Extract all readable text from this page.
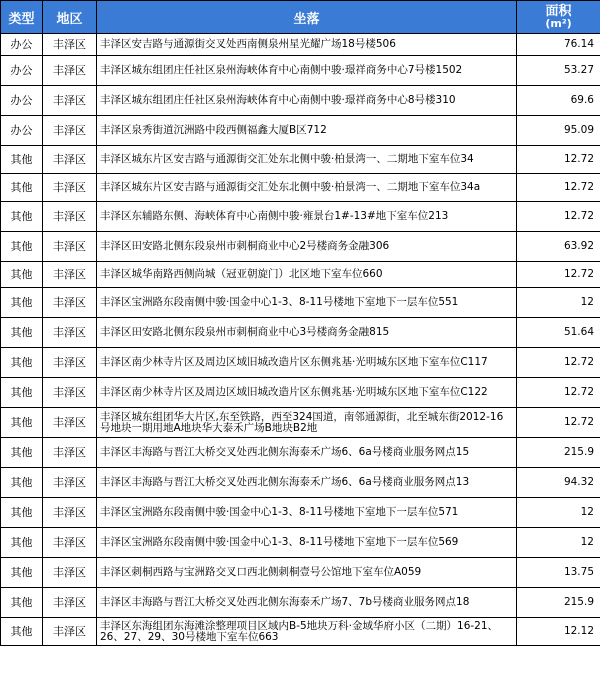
类型	地区	坐落	面积
(m²)

办公	丰泽区	丰泽区安吉路与通源街交叉处西南侧泉州星光耀广场18号楼506	76.14
办公	丰泽区	丰泽区城东组团庄任社区泉州海峡体育中心南侧中骏·璟祥商务中心7号楼1502	53.27
办公	丰泽区	丰泽区城东组团庄任社区泉州海峡体育中心南侧中骏·璟祥商务中心8号楼310	69.6
办公	丰泽区	丰泽区泉秀街道沉洲路中段西侧福鑫大厦B区712	95.09
其他	丰泽区	丰泽区城东片区安吉路与通源街交汇处东北侧中骏·柏景湾一、二期地下室车位34	12.72
其他	丰泽区	丰泽区城东片区安吉路与通源街交汇处东北侧中骏·柏景湾一、二期地下室车位34a	12.72
其他	丰泽区	丰泽区东辅路东侧、海峡体育中心南侧中骏·雍景台1#-13#地下室车位213	12.72
其他	丰泽区	丰泽区田安路北侧东段泉州市刺桐商业中心2号楼商务金融306	63.92
其他	丰泽区	丰泽区城华南路西侧尚城（冠亚朝旋门）北区地下室车位660	12.72
其他	丰泽区	丰泽区宝洲路东段南侧中骏·国金中心1-3、8-11号楼地下室地下一层车位551	12
其他	丰泽区	丰泽区田安路北侧东段泉州市刺桐商业中心3号楼商务金融815	51.64
其他	丰泽区	丰泽区南少林寺片区及周边区域旧城改造片区东侧兆基·光明城东区地下室车位C117	12.72
其他	丰泽区	丰泽区南少林寺片区及周边区域旧城改造片区东侧兆基·光明城东区地下室车位C122	12.72
其他	丰泽区	丰泽区城东组团华大片区,东至铁路，西至324国道，南邻通源街，北至城东街2012-16号地块一期用地A地块华大泰禾广场B地块B2地	12.72
其他	丰泽区	丰泽区丰海路与晋江大桥交叉处西北侧东海泰禾广场6、6a号楼商业服务网点15	215.9
其他	丰泽区	丰泽区丰海路与晋江大桥交叉处西北侧东海泰禾广场6、6a号楼商业服务网点13	94.32
其他	丰泽区	丰泽区宝洲路东段南侧中骏·国金中心1-3、8-11号楼地下室地下一层车位571	12
其他	丰泽区	丰泽区宝洲路东段南侧中骏·国金中心1-3、8-11号楼地下室地下一层车位569	12
其他	丰泽区	丰泽区刺桐西路与宝洲路交叉口西北侧刺桐壹号公馆地下室车位A059	13.75
其他	丰泽区	丰泽区丰海路与晋江大桥交叉处西北侧东海泰禾广场7、7b号楼商业服务网点18	215.9
其他	丰泽区	丰泽区东海组团东海滩涂整理项目区域内B-5地块万科·金域华府小区（二期）16-21、26、27、29、30号楼地下室车位663	12.12
